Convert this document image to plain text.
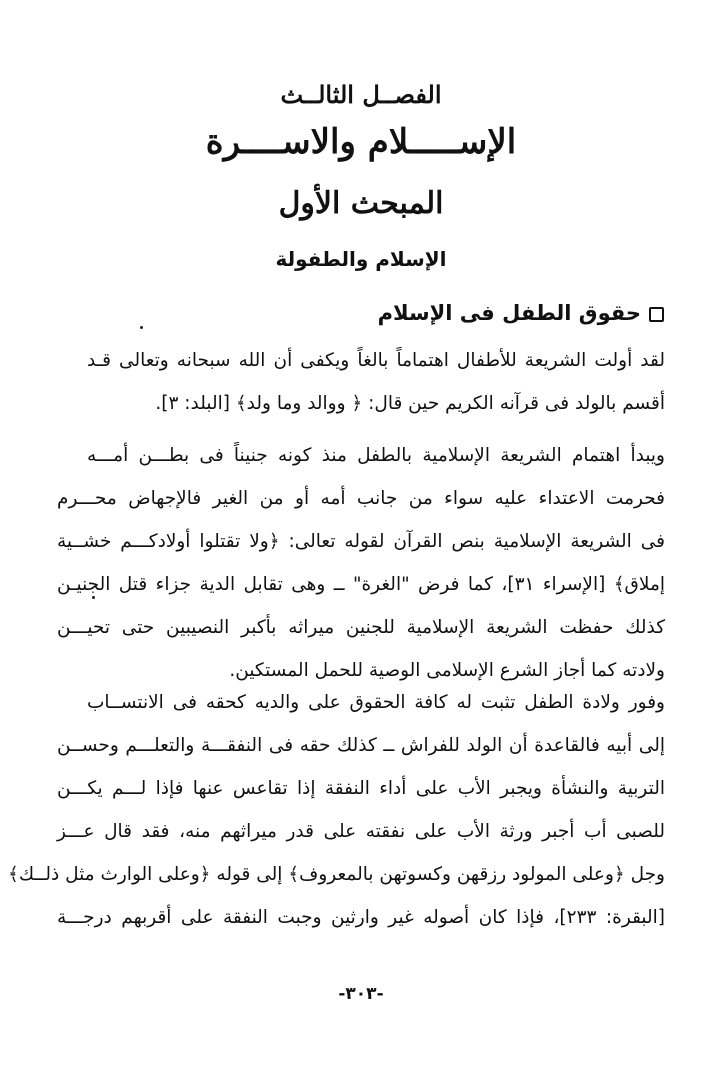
الفصــل الثالــث
الإســـــلام والاســــرة
المبحث الأول
الإسلام والطفولة
حقوق الطفل فى الإسلام
لقد أولت الشريعة للأطفال اهتماماً بالغاً ويكفى أن الله سبحانه وتعالى قـد
أقسم بالولد فى قرآنه الكريم حين قال: ﴿ ووالد وما ولد﴾ [البلد: ٣].
ويبدأ اهتمام الشريعة الإسلامية بالطفل منذ كونه جنيناً فى بطـــن أمـــه
فحرمت الاعتداء عليه سواء من جانب أمه أو من الغير فالإجهاض محـــرم
فى الشريعة الإسلامية بنص القرآن لقوله تعالى: ﴿ولا تقتلوا أولادكـــم خشــية
إملاق﴾ [الإسراء ٣١]، كما فرض "الغرة" ــ وهى تقابل الدية جزاء قتل الجنيـن
كذلك حفظت الشريعة الإسلامية للجنين ميراثه بأكبر النصيبين حتى تحيـــن
ولادته كما أجاز الشرع الإسلامى الوصية للحمل المستكين.
وفور ولادة الطفل تثبت له كافة الحقوق على والديه كحقه فى الانتســاب
إلى أبيه فالقاعدة أن الولد للفراش ــ كذلك حقه فى النفقـــة والتعلـــم وحســن
التربية والنشأة ويجبر الأب على أداء النفقة إذا تقاعس عنها فإذا لـــم يكـــن
للصبى أب أجبر ورثة الأب على نفقته على قدر ميراثهم منه، فقد قال عـــز
وجل ﴿وعلى المولود رزقهن وكسوتهن بالمعروف﴾ إلى قوله ﴿وعلى الوارث مثل ذلــك﴾
[البقرة: ٢٣٣]، فإذا كان أصوله غير وارثين وجبت النفقة على أقربهم درجـــة
-٣٠٣-
